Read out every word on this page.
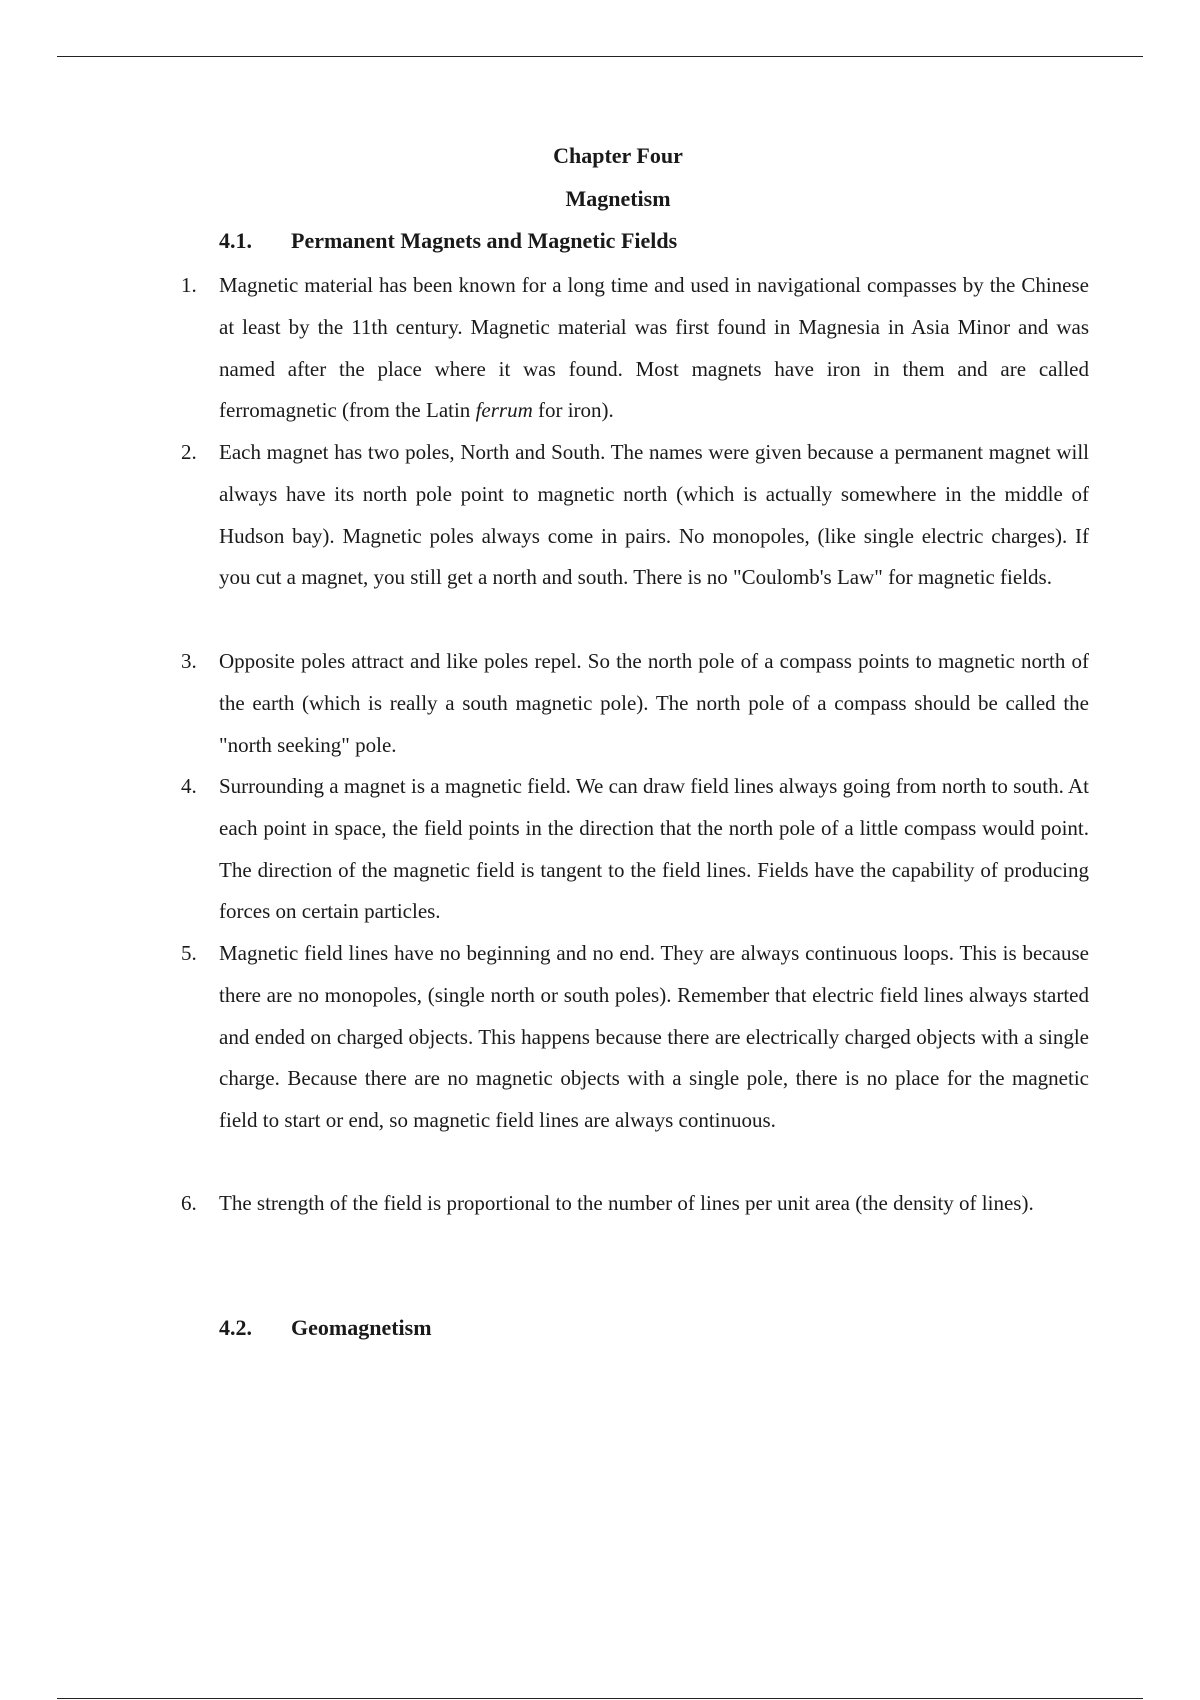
Chapter Four
Magnetism
4.1. Permanent Magnets and Magnetic Fields
1. Magnetic material has been known for a long time and used in navigational compasses by the Chinese at least by the 11th century. Magnetic material was first found in Magnesia in Asia Minor and was named after the place where it was found. Most magnets have iron in them and are called ferromagnetic (from the Latin ferrum for iron).

2. Each magnet has two poles, North and South. The names were given because a permanent magnet will always have its north pole point to magnetic north (which is actually somewhere in the middle of Hudson bay). Magnetic poles always come in pairs. No monopoles, (like single electric charges). If you cut a magnet, you still get a north and south. There is no "Coulomb's Law" for magnetic fields.

3. Opposite poles attract and like poles repel. So the north pole of a compass points to magnetic north of the earth (which is really a south magnetic pole). The north pole of a compass should be called the "north seeking" pole.

4. Surrounding a magnet is a magnetic field. We can draw field lines always going from north to south. At each point in space, the field points in the direction that the north pole of a little compass would point. The direction of the magnetic field is tangent to the field lines. Fields have the capability of producing forces on certain particles.

5. Magnetic field lines have no beginning and no end. They are always continuous loops. This is because there are no monopoles, (single north or south poles). Remember that electric field lines always started and ended on charged objects. This happens because there are electrically charged objects with a single charge. Because there are no magnetic objects with a single pole, there is no place for the magnetic field to start or end, so magnetic field lines are always continuous.

6. The strength of the field is proportional to the number of lines per unit area (the density of lines).

4.2. Geomagnetism
